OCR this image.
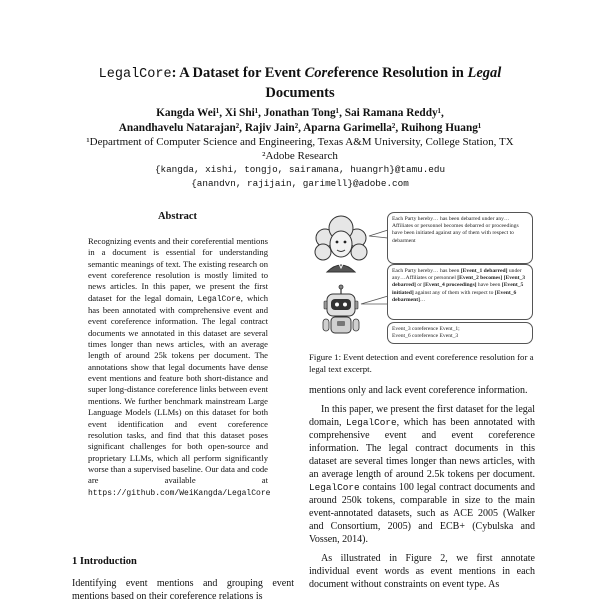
LegalCore: A Dataset for Event Coreference Resolution in Legal
Documents
Kangda Wei¹, Xi Shi¹, Jonathan Tong¹, Sai Ramana Reddy¹,
Anandhavelu Natarajan², Rajiv Jain², Aparna Garimella², Ruihong Huang¹
¹Department of Computer Science and Engineering, Texas A&M University, College Station, TX
²Adobe Research
{kangda, xishi, tongjo, sairamana, huangrh}@tamu.edu
{anandvn, rajijain, garimell}@adobe.com
Abstract
Recognizing events and their coreferential mentions in a document is essential for understanding semantic meanings of text. The existing research on event coreference resolution is mostly limited to news articles. In this paper, we present the first dataset for the legal domain, LegalCore, which has been annotated with comprehensive event and event coreference information. The legal contract documents we annotated in this dataset are several times longer than news articles, with an average length of around 25k tokens per document. The annotations show that legal documents have dense event mentions and feature both short-distance and super long-distance coreference links between event mentions. We further benchmark mainstream Large Language Models (LLMs) on this dataset for both event identification and event coreference resolution tasks, and find that this dataset poses significant challenges for both open-source and proprietary LLMs, which all perform significantly worse than a supervised baseline. Our data and code are available at https://github.com/WeiKangda/LegalCore
1 Introduction
Identifying event mentions and grouping event mentions based on their coreference relations is
Each Party hereby… has been debarred under any…Affiliates or personnel becomes debarred or proceedings have been initiated against any of them with respect to debarment
Each Party hereby… has been [Event_1 debarred] under any…Affiliates or personnel [Event_2 becomes] [Event_3 debarred] or [Event_4 proceedings] have been [Event_5 initiated] against any of them with respect to [Event_6 debarment]…
Event_3 coreference Event_1;
Event_6 coreference Event_3
Figure 1: Event detection and event coreference resolution for a legal text excerpt.

mentions only and lack event coreference information.

In this paper, we present the first dataset for the legal domain, LegalCore, which has been annotated with comprehensive event and event coreference information. The legal contract documents in this dataset are several times longer than news articles, with an average length of around 2.5k tokens per document. LegalCore contains 100 legal contract documents and around 250k tokens, comparable in size to the main event-annotated datasets, such as ACE 2005 (Walker and Consortium, 2005) and ECB+ (Cybulska and Vossen, 2014).

As illustrated in Figure 2, we first annotate individual event words as event mentions in each document without constraints on event type. As
